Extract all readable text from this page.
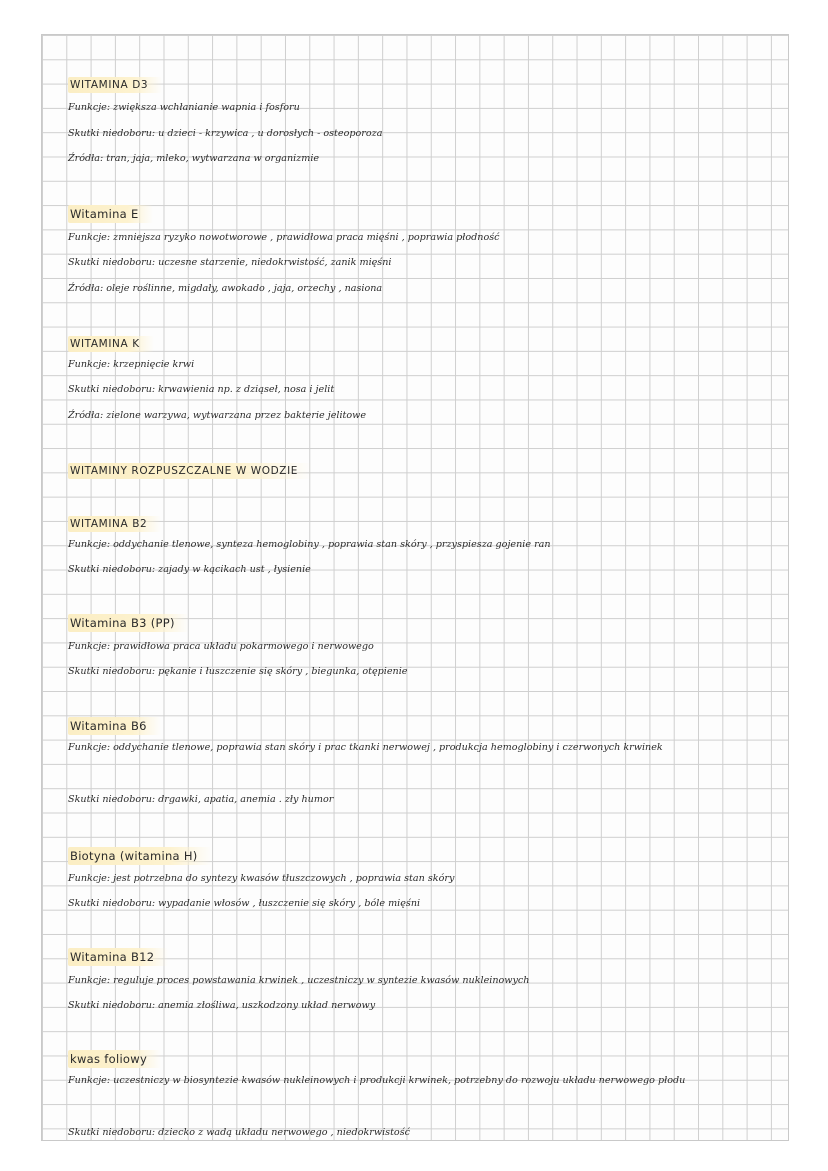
WITAMINA D3
Funkcje: zwiększa wchłanianie wapnia i fosforu
Skutki niedoboru: u dzieci - krzywica , u dorosłych - osteoporoza
Źródła: tran, jaja, mleko, wytwarzana w organizmie
Witamina E
Funkcje: zmniejsza ryzyko nowotworowe , prawidłowa praca mięśni , poprawia płodność
Skutki niedoboru: uczesne starzenie, niedokrwistość, zanik mięśni
Źródła: oleje roślinne, migdały, awokado , jaja, orzechy , nasiona
WITAMINA K
Funkcje: krzepnięcie krwi
Skutki niedoboru: krwawienia np. z dziąseł, nosa i jelit
Źródła: zielone warzywa, wytwarzana przez bakterie jelitowe
WITAMINY ROZPUSZCZALNE W WODZIE
WITAMINA B2
Funkcje: oddychanie tlenowe, synteza hemoglobiny , poprawia stan skóry , przyspiesza gojenie ran
Skutki niedoboru: zajady w kącikach ust , łysienie
Witamina B3 (PP)
Funkcje: prawidłowa praca układu pokarmowego i nerwowego
Skutki niedoboru: pękanie i łuszczenie się skóry , biegunka, otępienie
Witamina B6
Funkcje: oddychanie tlenowe, poprawia stan skóry i prac tkanki nerwowej , produkcja hemoglobiny i czerwonych krwinek
Skutki niedoboru: drgawki, apatia, anemia . zły humor
Biotyna (witamina H)
Funkcje: jest potrzebna do syntezy kwasów tłuszczowych , poprawia stan skóry
Skutki niedoboru: wypadanie włosów , łuszczenie się skóry , bóle mięśni
Witamina B12
Funkcje: reguluje proces powstawania krwinek , uczestniczy w syntezie kwasów nukleinowych
Skutki niedoboru: anemia złośliwa, uszkodzony układ nerwowy
kwas foliowy
Funkcje: uczestniczy w biosyntezie kwasów nukleinowych i produkcji krwinek, potrzebny do rozwoju układu nerwowego płodu
Skutki niedoboru: dziecko z wadą układu nerwowego , niedokrwistość
